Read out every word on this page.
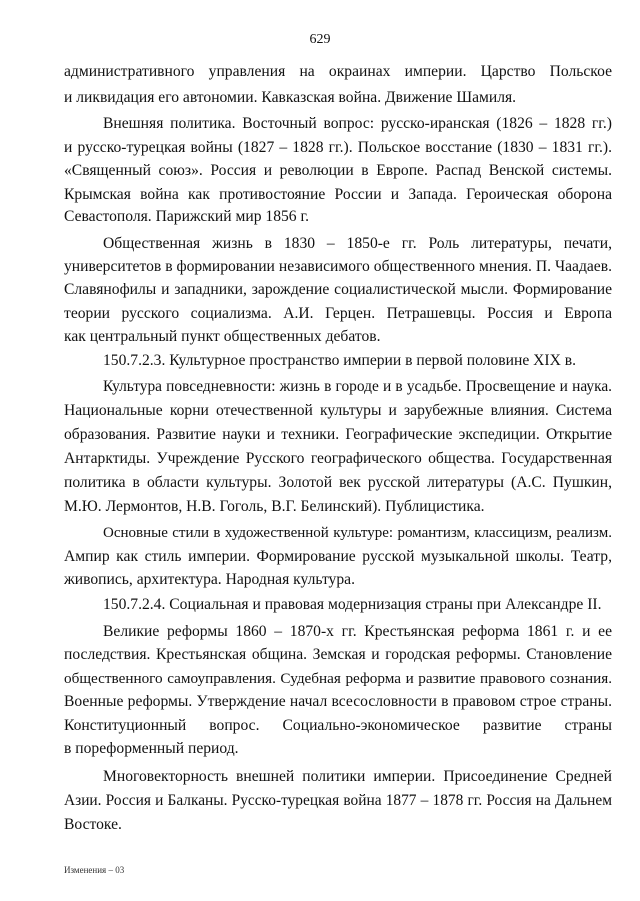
629
административного управления на окраинах империи. Царство Польское
и ликвидация его автономии. Кавказская война. Движение Шамиля.
Внешняя политика. Восточный вопрос: русско-иранская (1826 – 1828 гг.)
и русско-турецкая войны (1827 – 1828 гг.). Польское восстание (1830 – 1831 гг.).
«Священный союз». Россия и революции в Европе. Распад Венской системы.
Крымская война как противостояние России и Запада. Героическая оборона
Севастополя. Парижский мир 1856 г.
Общественная жизнь в 1830 – 1850-е гг. Роль литературы, печати,
университетов в формировании независимого общественного мнения. П. Чаадаев.
Славянофилы и западники, зарождение социалистической мысли. Формирование
теории русского социализма. А.И. Герцен. Петрашевцы. Россия и Европа
как центральный пункт общественных дебатов.
150.7.2.3. Культурное пространство империи в первой половине XIX в.
Культура повседневности: жизнь в городе и в усадьбе. Просвещение и наука.
Национальные корни отечественной культуры и зарубежные влияния. Система
образования. Развитие науки и техники. Географические экспедиции. Открытие
Антарктиды. Учреждение Русского географического общества. Государственная
политика в области культуры. Золотой век русской литературы (А.С. Пушкин,
М.Ю. Лермонтов, Н.В. Гоголь, В.Г. Белинский). Публицистика.
Основные стили в художественной культуре: романтизм, классицизм, реализм.
Ампир как стиль империи. Формирование русской музыкальной школы. Театр,
живопись, архитектура. Народная культура.
150.7.2.4. Социальная и правовая модернизация страны при Александре II.
Великие реформы 1860 – 1870-х гг. Крестьянская реформа 1861 г. и ее
последствия. Крестьянская община. Земская и городская реформы. Становление
общественного самоуправления. Судебная реформа и развитие правового сознания.
Военные реформы. Утверждение начал всесословности в правовом строе страны.
Конституционный вопрос. Социально-экономическое развитие страны
в пореформенный период.
Многовекторность внешней политики империи. Присоединение Средней
Азии. Россия и Балканы. Русско-турецкая война 1877 – 1878 гг. Россия на Дальнем
Востоке.
Изменения – 03
